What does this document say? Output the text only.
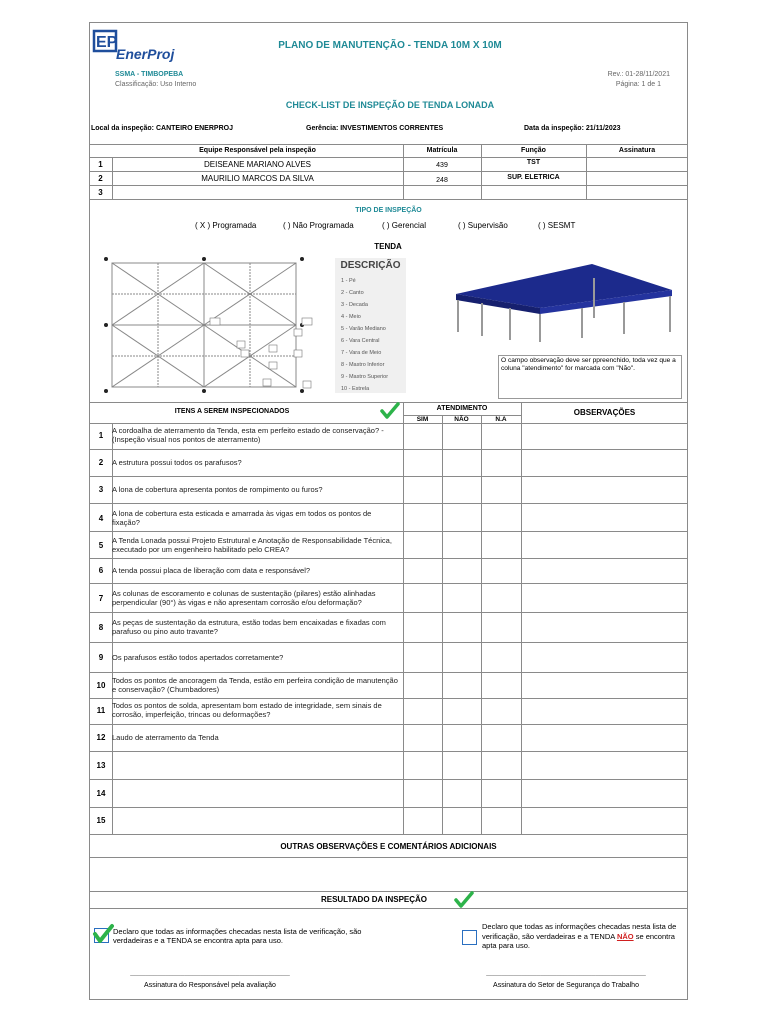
EP
EnerProj
PLANO DE MANUTENÇÃO - TENDA 10M X 10M
SSMA - TIMBOPEBA
Classificação: Uso Interno
Rev.: 01-28/11/2021
Página: 1 de 1
CHECK-LIST DE INSPEÇÃO DE TENDA LONADA
Local da inspeção: CANTEIRO ENERPROJ	Gerência: INVESTIMENTOS CORRENTES	Data da inspeção: 21/11/2023
Equipe Responsável pela inspeção	Matrícula	Função	Assinatura
1	DEISEANE MARIANO ALVES	439	TST
2	MAURILIO MARCOS DA SILVA	248	SUP. ELETRICA
3
TIPO DE INSPEÇÃO
( X ) Programada	( ) Não Programada	( ) Gerencial	( ) Supervisão	( ) SESMT
TENDA
DESCRIÇÃO
1 - Pé
2 - Canto
3 - Decada
4 - Meio
5 - Varão Mediano
6 - Vara Central
7 - Vara de Meio
8 - Mastro Inferior
9 - Mastro Superior
10 - Estrela
O campo observação deve ser ppreenchido, toda vez que a coluna "atendimento" for marcada com "Não".
ITENS A SEREM INSPECIONADOS	ATENDIMENTO
SIM	NÃO	N.A
OBSERVAÇÕES
1
A cordoalha de aterramento da Tenda, esta em perfeito estado de conservação? - (Inspeção visual nos pontos de aterramento)
2	A estrutura possui todos os parafusos?
3	A lona de cobertura apresenta pontos de rompimento ou furos?
4
A lona de cobertura esta esticada e amarrada às vigas em todos os pontos de fixação?
5
A Tenda Lonada possui Projeto Estrutural e Anotação de Responsabilidade Técnica, executado por um engenheiro habilitado pelo CREA?
6	A tenda possui placa de liberação com data e responsável?
7
As colunas de escoramento e colunas de sustentação (pilares) estão alinhadas perpendicular (90°) às vigas e não apresentam corrosão e/ou deformação?
8
As peças de sustentação da estrutura, estão todas bem encaixadas e fixadas com parafuso ou pino auto travante?
9	Os parafusos estão todos apertados corretamente?
10
Todos os pontos de ancoragem da Tenda, estão em perfeira condição de manutenção e conservação? (Chumbadores)
11
Todos os pontos de solda, apresentam bom estado de integridade, sem sinais de corrosão, imperfeição, trincas ou deformações?
12 Laudo de aterramento da Tenda
13
14
15
OUTRAS OBSERVAÇÕES E COMENTÁRIOS ADICIONAIS
RESULTADO DA INSPEÇÃO
Declaro que todas as informações checadas nesta lista de verificação, são verdadeiras e a TENDA se encontra apta para uso.
Declaro que todas as informações checadas nesta lista de verificação, são verdadeiras e a TENDA NÃO se encontra apta para uso.
_________________________________________
Assinatura do Responsável pela avaliação
_________________________________________
Assinatura do Setor de Segurança do Trabalho
